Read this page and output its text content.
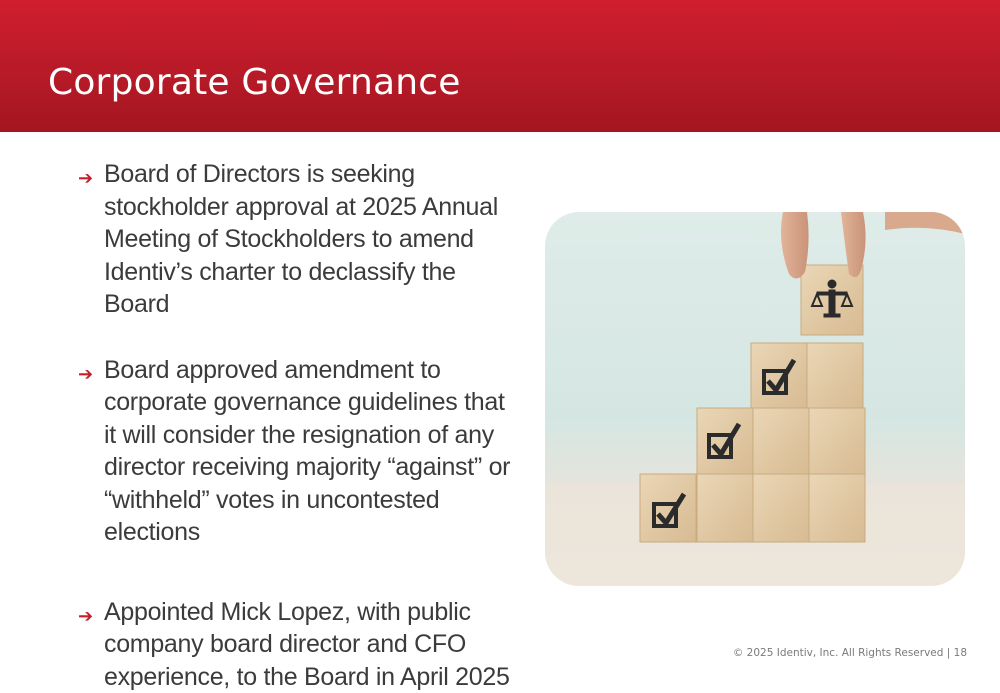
Corporate Governance
➔ Board of Directors is seeking stockholder approval at 2025 Annual Meeting of Stockholders to amend Identiv’s charter to declassify the Board
➔ Board approved amendment to corporate governance guidelines that it will consider the resignation of any director receiving majority “against” or “withheld” votes in uncontested elections
➔ Appointed Mick Lopez, with public company board director and CFO experience, to the Board in April 2025
© 2025 Identiv, Inc. All Rights Reserved | 18
